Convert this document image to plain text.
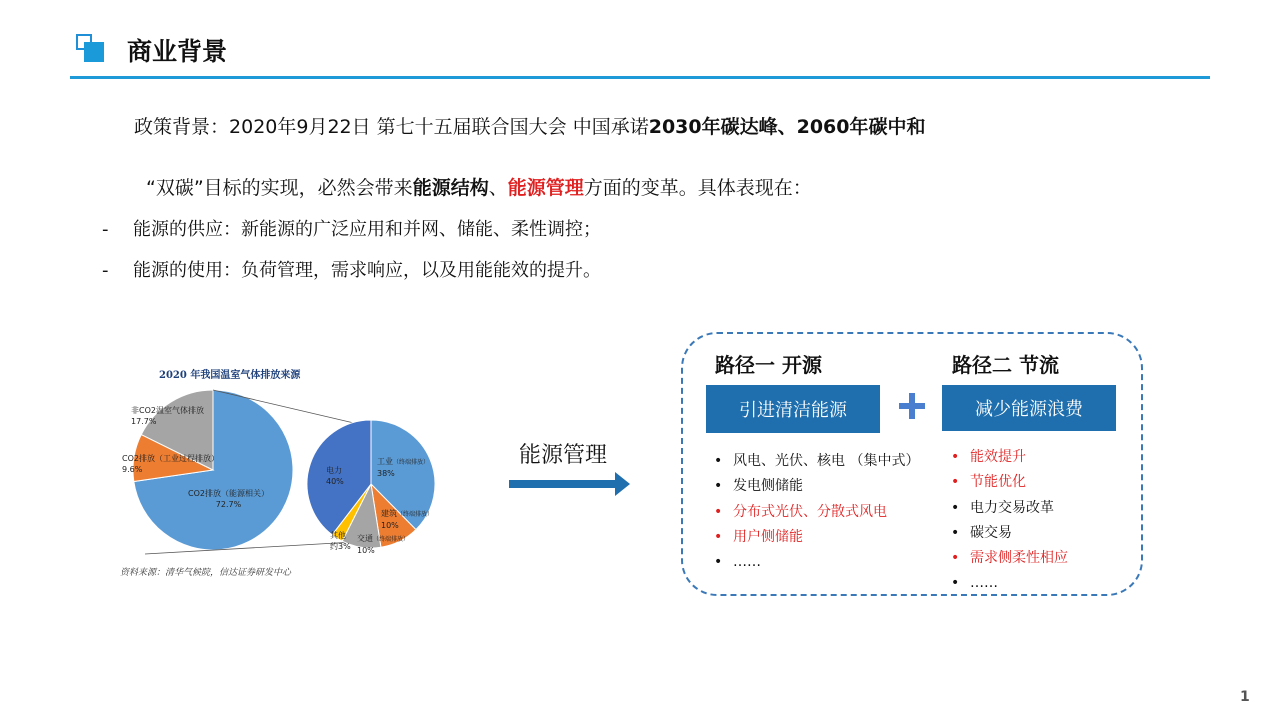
商业背景
政策背景：2020年9月22日 第七十五届联合国大会 中国承诺2030年碳达峰、2060年碳中和
“双碳”目标的实现，必然会带来能源结构、能源管理方面的变革。具体表现在：
- 能源的供应：新能源的广泛应用和并网、储能、柔性调控；
- 能源的使用：负荷管理，需求响应，以及用能能效的提升。
2020 年我国温室气体排放来源
非CO2温室气体排放
17.7%
CO2排放（工业过程排放）
9.6%
CO2排放（能源相关）
72.7%
电力
40%
工业（终端排放）
38%
建筑（终端排放）
10%
交通（终端排放）
10%
其他
约3%
资料来源：清华气候院，信达证券研发中心
能源管理
路径一 开源	路径二 节流
引进清洁能源	减少能源浪费
• 风电、光伏、核电 （集中式）
• 发电侧储能
• 分布式光伏、分散式风电
• 用户侧储能
• ……
• 能效提升
• 节能优化
• 电力交易改革
• 碳交易
• 需求侧柔性相应
• ……
1
